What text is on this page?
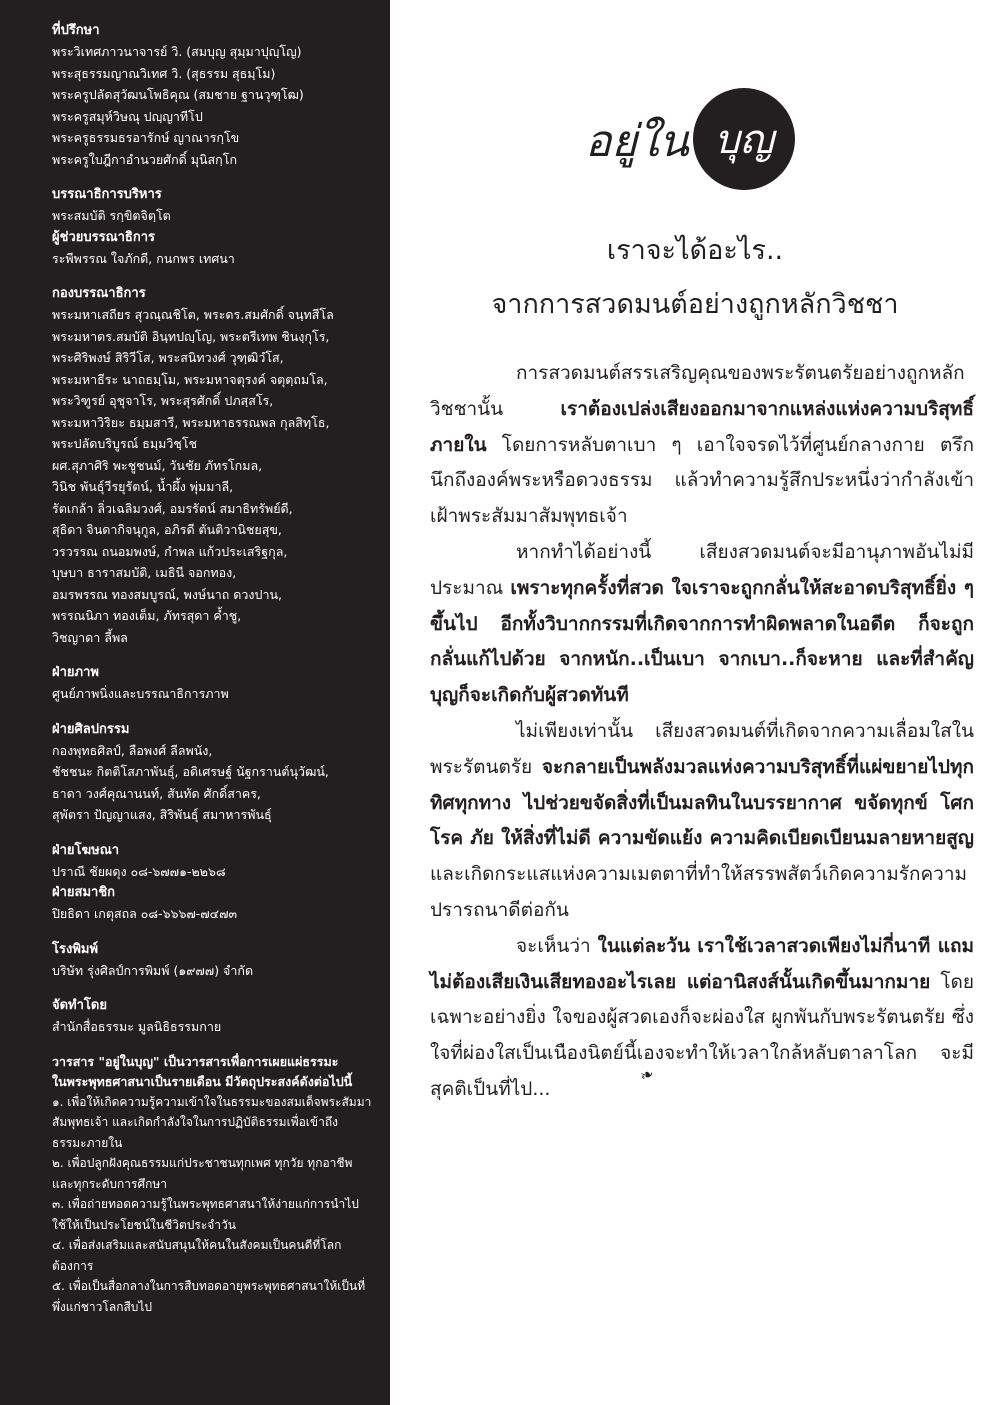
ที่ปรึกษา
พระวิเทศภาวนาจารย์ วิ. (สมบุญ สุมฺมาปุญฺโญ)
พระสุธรรมญาณวิเทศ วิ. (สุธรรม สุธมฺโม)
พระครูปลัดสุวัฒนโพธิคุณ (สมชาย ฐานวุฑฺโฒ)
พระครูสมุห์วิษณุ ปญฺญาทีโป
พระครูธรรมธรอารักษ์ ญาณารกฺโข
พระครูใบฎีกาอำนวยศักดิ์ มุนิสกฺโก
บรรณาธิการบริหาร
พระสมบัติ รกฺขิตจิตฺโต
ผู้ช่วยบรรณาธิการ
ระพีพรรณ ใจภักดี, กนกพร เทศนา
กองบรรณาธิการ
พระมหาเสถียร สุวณฺณชิโต, พระดร.สมศักดิ์ จนฺทสีโล
พระมหาดร.สมบัติ อินฺทปญฺโญ, พระตรีเทพ ชินงฺกุโร,
พระศิริพงษ์ สิริวีโส, พระสนิทวงศ์ วุฑฺฒิวํโส,
พระมหาธีระ นาถธมฺโม, พระมหาจตุรงค์ จตุตฺถมโล,
พระวิฑูรย์ อุชุจาโร, พระสุรศักดิ์ ปภสฺสโร,
พระมหาวิริยะ ธมฺมสารี, พระมหาธรรณพล กุลสิทฺโธ,
พระปลัดบริบูรณ์ ธมฺมวิชฺโช
ผศ.สุภาศิริ พะชูชนม์, วันชัย ภัทรโกมล,
วินิช พันธุ์วีรยุรัตน์, น้ำผึ้ง พุ่มมาลี,
รัตเกล้า ลิ่วเฉลิมวงศ์, อมรรัตน์ สมาธิทรัพย์ดี,
สุธิดา จินดากิจนุกูล, อภิรดี ตันติวานิชยสุข,
วรวรรณ ถนอมพงษ์, กำพล แก้วประเสริฐกุล,
บุษบา ธาราสมบัติ, เมธินี จอกทอง,
อมรพรรณ ทองสมบูรณ์, พงษ์นาถ ดวงปาน,
พรรณนิภา ทองเต็ม, ภัทรสุดา ค้ำชู,
วิชญาดา ลี้พล
ฝ่ายภาพ
ศูนย์ภาพนิ่งและบรรณาธิการภาพ
ฝ่ายศิลปกรรม
กองพุทธศิลป์, ลือพงศ์ ลีลพนัง,
ชัชชนะ กิตติโสภาพันธุ์, อดิเศรษฐ์ นัฐกรานต์นุวัฒน์,
ธาดา วงศ์คุณานนท์, สันทัด ศักดิ์สาคร,
สุพัตรา ปัญญาแสง, สิริพันธุ์ สมาหารพันธุ์
ฝ่ายโฆษณา
ปราณี ชัยผดุง ๐๘-๖๗๗๑-๒๒๖๘
ฝ่ายสมาชิก
ปิยธิดา เกตุสถล ๐๘-๖๖๖๗-๗๔๗๓
โรงพิมพ์
บริษัท รุ่งศิลป์การพิมพ์ (๑๙๗๗) จำกัด
จัดทำโดย
สำนักสื่อธรรมะ มูลนิธิธรรมกาย
วารสาร "อยู่ในบุญ" เป็นวารสารเพื่อการเผยแผ่ธรรมะ
ในพระพุทธศาสนาเป็นรายเดือน มีวัตถุประสงค์ดังต่อไปนี้
๑. เพื่อให้เกิดความรู้ความเข้าใจในธรรมะของสมเด็จพระสัมมาสัมพุทธเจ้า และเกิดกำลังใจในการปฏิบัติธรรมเพื่อเข้าถึงธรรมะภายใน
๒. เพื่อปลูกฝังคุณธรรมแก่ประชาชนทุกเพศ ทุกวัย ทุกอาชีพ และทุกระดับการศึกษา
๓. เพื่อถ่ายทอดความรู้ในพระพุทธศาสนาให้ง่ายแก่การนำไปใช้ให้เป็นประโยชน์ในชีวิตประจำวัน
๔. เพื่อส่งเสริมและสนับสนุนให้คนในสังคมเป็นคนดีที่โลกต้องการ
๕. เพื่อเป็นสื่อกลางในการสืบทอดอายุพระพุทธศาสนาให้เป็นที่พึ่งแก่ชาวโลกสืบไป
อยู่ใน บุญ
เราจะได้อะไร..
จากการสวดมนต์อย่างถูกหลักวิชชา

การสวดมนต์สรรเสริญคุณของพระรัตนตรัยอย่างถูกหลักวิชชานั้น เราต้องเปล่งเสียงออกมาจากแหล่งแห่งความบริสุทธิ์ภายใน โดยการหลับตาเบา ๆ เอาใจจรดไว้ที่ศูนย์กลางกาย ตรึกนึกถึงองค์พระหรือดวงธรรม แล้วทำความรู้สึกประหนึ่งว่ากำลังเข้าเฝ้าพระสัมมาสัมพุทธเจ้า

หากทำได้อย่างนี้ เสียงสวดมนต์จะมีอานุภาพอันไม่มีประมาณ เพราะทุกครั้งที่สวด ใจเราจะถูกกลั่นให้สะอาดบริสุทธิ์ยิ่ง ๆ ขึ้นไป อีกทั้งวิบากกรรมที่เกิดจากการทำผิดพลาดในอดีต ก็จะถูกกลั่นแก้ไปด้วย จากหนัก..เป็นเบา จากเบา..ก็จะหาย และที่สำคัญบุญก็จะเกิดกับผู้สวดทันที

ไม่เพียงเท่านั้น เสียงสวดมนต์ที่เกิดจากความเลื่อมใสในพระรัตนตรัย จะกลายเป็นพลังมวลแห่งความบริสุทธิ์ที่แผ่ขยายไปทุกทิศทุกทาง ไปช่วยขจัดสิ่งที่เป็นมลทินในบรรยากาศ ขจัดทุกข์ โศก โรค ภัย ให้สิ่งที่ไม่ดี ความขัดแย้ง ความคิดเบียดเบียนมลายหายสูญ และเกิดกระแสแห่งความเมตตาที่ทำให้สรรพสัตว์เกิดความรักความปรารถนาดีต่อกัน

จะเห็นว่า ในแต่ละวัน เราใช้เวลาสวดเพียงไม่กี่นาที แถมไม่ต้องเสียเงินเสียทองอะไรเลย แต่อานิสงส์นั้นเกิดขึ้นมากมาย โดยเฉพาะอย่างยิ่ง ใจของผู้สวดเองก็จะผ่องใส ผูกพันกับพระรัตนตรัย ซึ่งใจที่ผ่องใสเป็นเนืองนิตย์นี้เองจะทำให้เวลาใกล้หลับตาลาโลก จะมีสุคติเป็นที่ไป... ❧
